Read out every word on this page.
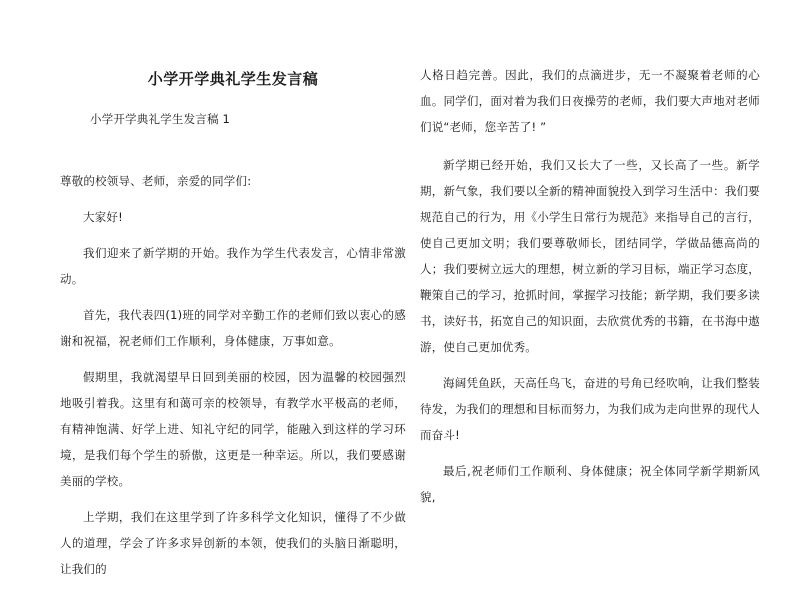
小学开学典礼学生发言稿
小学开学典礼学生发言稿 1
尊敬的校领导、老师，亲爱的同学们:
大家好!
我们迎来了新学期的开始。我作为学生代表发言，心情非常激动。
首先，我代表四(1)班的同学对辛勤工作的老师们致以衷心的感谢和祝福，祝老师们工作顺利，身体健康，万事如意。
假期里，我就渴望早日回到美丽的校园，因为温馨的校园强烈地吸引着我。这里有和蔼可亲的校领导，有教学水平极高的老师，有精神饱满、好学上进、知礼守纪的同学，能融入到这样的学习环境，是我们每个学生的骄傲，这更是一种幸运。所以，我们要感谢美丽的学校。
上学期，我们在这里学到了许多科学文化知识，懂得了不少做人的道理，学会了许多求异创新的本领，使我们的头脑日渐聪明，让我们的
人格日趋完善。因此，我们的点滴进步，无一不凝聚着老师的心血。同学们，面对着为我们日夜操劳的老师，我们要大声地对老师们说“老师，您辛苦了! ”
新学期已经开始，我们又长大了一些，又长高了一些。新学期，新气象，我们要以全新的精神面貌投入到学习生活中：我们要规范自己的行为，用《小学生日常行为规范》来指导自己的言行，使自己更加文明；我们要尊敬师长，团结同学，学做品德高尚的人；我们要树立远大的理想，树立新的学习目标，端正学习态度，鞭策自己的学习，抢抓时间，掌握学习技能；新学期，我们要多读书，读好书，拓宽自己的知识面，去欣赏优秀的书籍，在书海中遨游，使自己更加优秀。
海阔凭鱼跃，天高任鸟飞，奋进的号角已经吹响，让我们整装待发，为我们的理想和目标而努力，为我们成为走向世界的现代人而奋斗!
最后,祝老师们工作顺利、身体健康；祝全体同学新学期新风貌,
